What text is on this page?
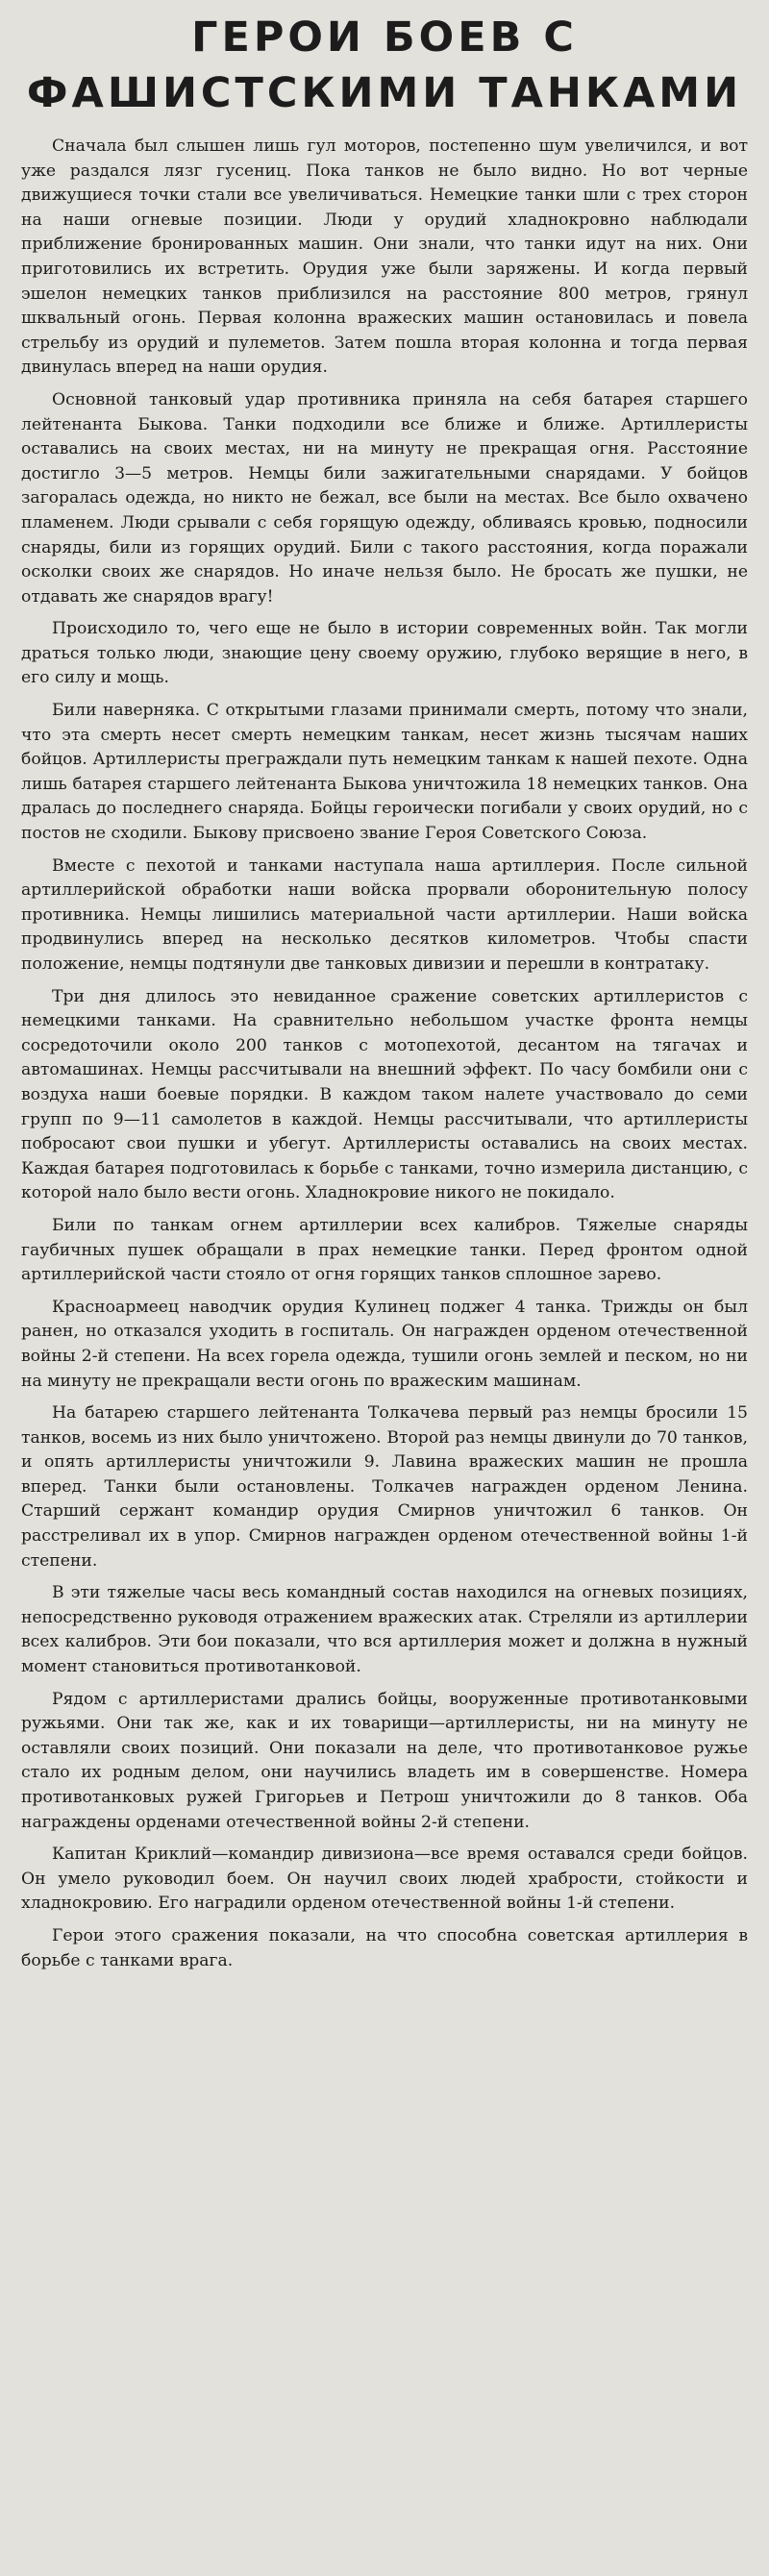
ГЕРОИ БОЕВ С
ФАШИСТСКИМИ ТАНКАМИ

Сначала был слышен лишь гул моторов, постепенно шум увеличился, и вот уже раздался лязг гусениц. Пока танков не было видно. Но вот черные движущиеся точки стали все увеличиваться. Немецкие танки шли с трех сторон на наши огневые позиции. Люди у орудий хладнокровно наблюдали приближение бронированных машин. Они знали, что танки идут на них. Они приготовились их встретить. Орудия уже были заряжены. И когда первый эшелон немецких танков приблизился на расстояние 800 метров, грянул шквальный огонь. Первая колонна вражеских машин остановилась и повела стрельбу из орудий и пулеметов. Затем пошла вторая колонна и тогда первая двинулась вперед на наши орудия.

Основной танковый удар противника приняла на себя батарея старшего лейтенанта Быкова. Танки подходили все ближе и ближе. Артиллеристы оставались на своих местах, ни на минуту не прекращая огня. Расстояние достигло 3—5 метров. Немцы били зажигательными снарядами. У бойцов загоралась одежда, но никто не бежал, все были на местах. Все было охвачено пламенем. Люди срывали с себя горящую одежду, обливаясь кровью, подносили снаряды, били из горящих орудий. Били с такого расстояния, когда поражали осколки своих же снарядов. Но иначе нельзя было. Не бросать же пушки, не отдавать же снарядов врагу!

Происходило то, чего еще не было в истории современных войн. Так могли драться только люди, знающие цену своему оружию, глубоко верящие в него, в его силу и мощь.

Били наверняка. С открытыми глазами принимали смерть, потому что знали, что эта смерть несет смерть немецким танкам, несет жизнь тысячам наших бойцов. Артиллеристы преграждали путь немецким танкам к нашей пехоте. Одна лишь батарея старшего лейтенанта Быкова уничтожила 18 немецких танков. Она дралась до последнего снаряда. Бойцы героически погибали у своих орудий, но с постов не сходили. Быкову присвоено звание Героя Советского Союза.

Вместе с пехотой и танками наступала наша артиллерия. После сильной артиллерийской обработки наши войска прорвали оборонительную полосу противника. Немцы лишились материальной части артиллерии. Наши войска продвинулись вперед на несколько десятков километров. Чтобы спасти положение, немцы подтянули две танковых дивизии и перешли в контратаку.

Три дня длилось это невиданное сражение советских артиллеристов с немецкими танками. На сравнительно небольшом участке фронта немцы сосредоточили около 200 танков с мотопехотой, десантом на тягачах и автомашинах. Немцы рассчитывали на внешний эффект. По часу бомбили они с воздуха наши боевые порядки. В каждом таком налете участвовало до семи групп по 9—11 самолетов в каждой. Немцы рассчитывали, что артиллеристы побросают свои пушки и убегут. Артиллеристы оставались на своих местах. Каждая батарея подготовилась к борьбе с танками, точно измерила дистанцию, с которой нало было вести огонь. Хладнокровие никого не покидало.

Били по танкам огнем артиллерии всех калибров. Тяжелые снаряды гаубичных пушек обращали в прах немецкие танки. Перед фронтом одной артиллерийской части стояло от огня горящих танков сплошное зарево.

Красноармеец наводчик орудия Кулинец поджег 4 танка. Трижды он был ранен, но отказался уходить в госпиталь. Он награжден орденом отечественной войны 2-й степени. На всех горела одежда, тушили огонь землей и песком, но ни на минуту не прекращали вести огонь по вражеским машинам.

На батарею старшего лейтенанта Толкачева первый раз немцы бросили 15 танков, восемь из них было уничтожено. Второй раз немцы двинули до 70 танков, и опять артиллеристы уничтожили 9. Лавина вражеских машин не прошла вперед. Танки были остановлены. Толкачев награжден орденом Ленина. Старший сержант командир орудия Смирнов уничтожил 6 танков. Он расстреливал их в упор. Смирнов награжден орденом отечественной войны 1-й степени.

В эти тяжелые часы весь командный состав находился на огневых позициях, непосредственно руководя отражением вражеских атак. Стреляли из артиллерии всех калибров. Эти бои показали, что вся артиллерия может и должна в нужный момент становиться противотанковой.

Рядом с артиллеристами дрались бойцы, вооруженные противотанковыми ружьями. Они так же, как и их товарищи—артиллеристы, ни на минуту не оставляли своих позиций. Они показали на деле, что противотанковое ружье стало их родным делом, они научились владеть им в совершенстве. Номера противотанковых ружей Григорьев и Петрош уничтожили до 8 танков. Оба награждены орденами отечественной войны 2-й степени.

Капитан Криклий—командир дивизиона—все время оставался среди бойцов. Он умело руководил боем. Он научил своих людей храбрости, стойкости и хладнокровию. Его наградили орденом отечественной войны 1-й степени.

Герои этого сражения показали, на что способна советская артиллерия в борьбе с танками врага.
